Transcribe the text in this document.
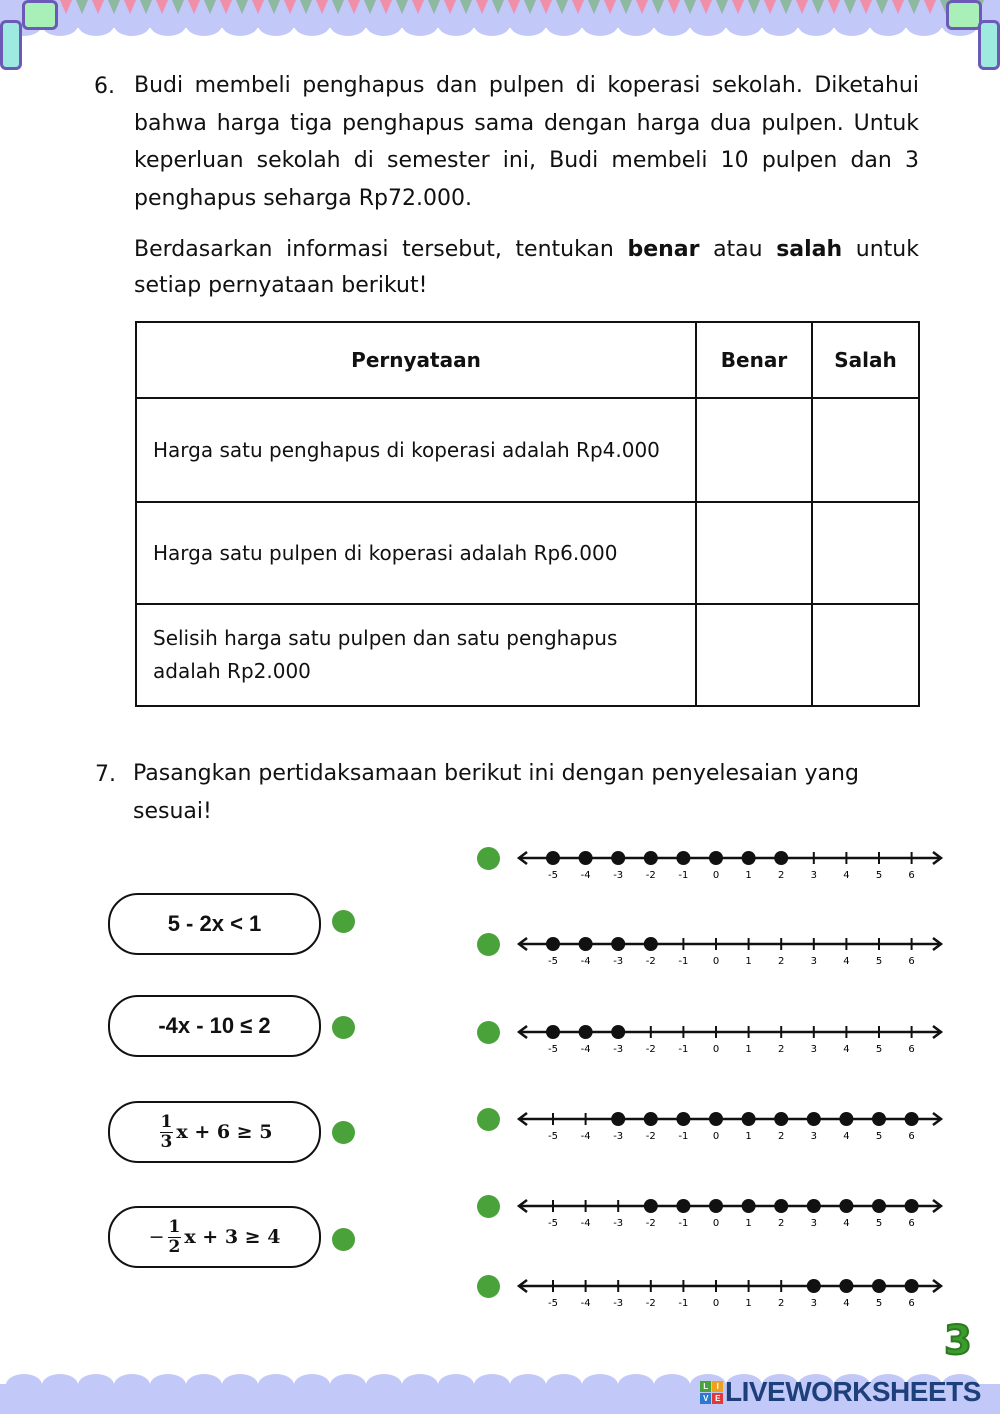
6. Budi membeli penghapus dan pulpen di koperasi sekolah. Diketahui bahwa harga tiga penghapus sama dengan harga dua pulpen. Untuk keperluan sekolah di semester ini, Budi membeli 10 pulpen dan 3 penghapus seharga Rp72.000.
Berdasarkan informasi tersebut, tentukan benar atau salah untuk setiap pernyataan berikut!
Pernyataan	Benar	Salah
Harga satu penghapus di koperasi adalah Rp4.000		
Harga satu pulpen di koperasi adalah Rp6.000		
Selisih harga satu pulpen dan satu penghapus adalah Rp2.000		
7. Pasangkan pertidaksamaan berikut ini dengan penyelesaian yang sesuai!
5 - 2x < 1
-4x - 10 ≤ 2
$\frac{1}{3}$ x + 6 ≥ 5
− $\frac{1}{2}$ x + 3 ≥ 4
-5 -4 -3 -2 -1 0	1	2	3	4	5	6
-5 -4 -3 -2 -1 0	1	2	3	4	5	6
-5 -4 -3 -2 -1 0	1	2	3	4	5	6
-5 -4 -3 -2 -1 0	1	2	3	4	5	6
-5 -4 -3 -2 -1 0	1	2	3	4	5	6
-5 -4 -3 -2 -1 0	1	2	3	4	5	6
3
L	I
V E LIVEWORKSHEETS
